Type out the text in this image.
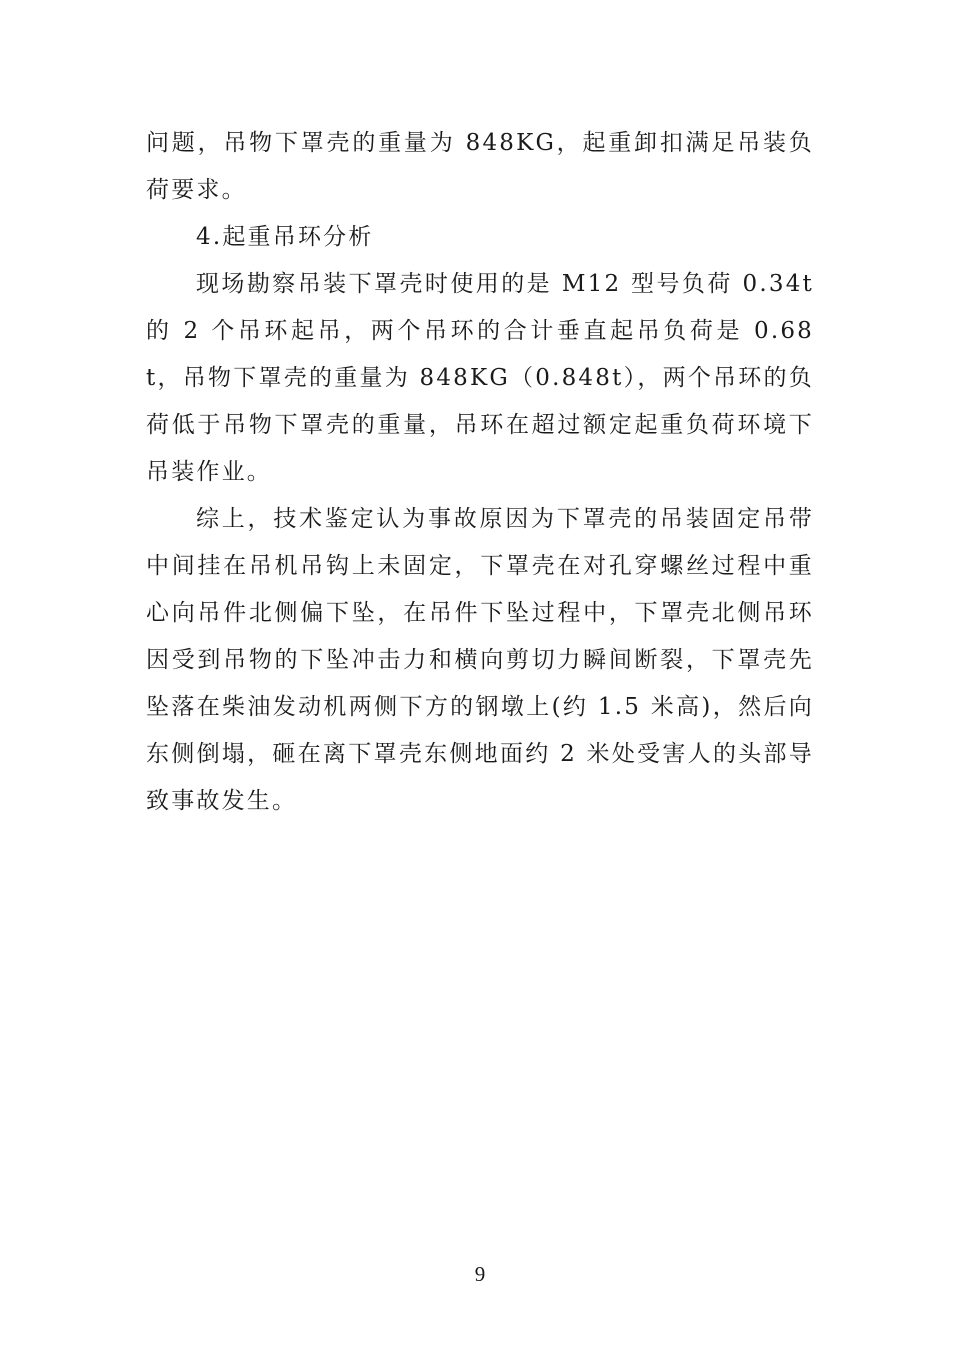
问题，吊物下罩壳的重量为 848KG，起重卸扣满足吊装负荷要求。

4.起重吊环分析

现场勘察吊装下罩壳时使用的是 M12 型号负荷 0.34t 的 2 个吊环起吊，两个吊环的合计垂直起吊负荷是 0.68t，吊物下罩壳的重量为 848KG（0.848t），两个吊环的负荷低于吊物下罩壳的重量，吊环在超过额定起重负荷环境下吊装作业。

综上，技术鉴定认为事故原因为下罩壳的吊装固定吊带中间挂在吊机吊钩上未固定，下罩壳在对孔穿螺丝过程中重心向吊件北侧偏下坠，在吊件下坠过程中，下罩壳北侧吊环因受到吊物的下坠冲击力和横向剪切力瞬间断裂，下罩壳先坠落在柴油发动机两侧下方的钢墩上(约 1.5 米高)，然后向东侧倒塌，砸在离下罩壳东侧地面约 2 米处受害人的头部导致事故发生。

9
